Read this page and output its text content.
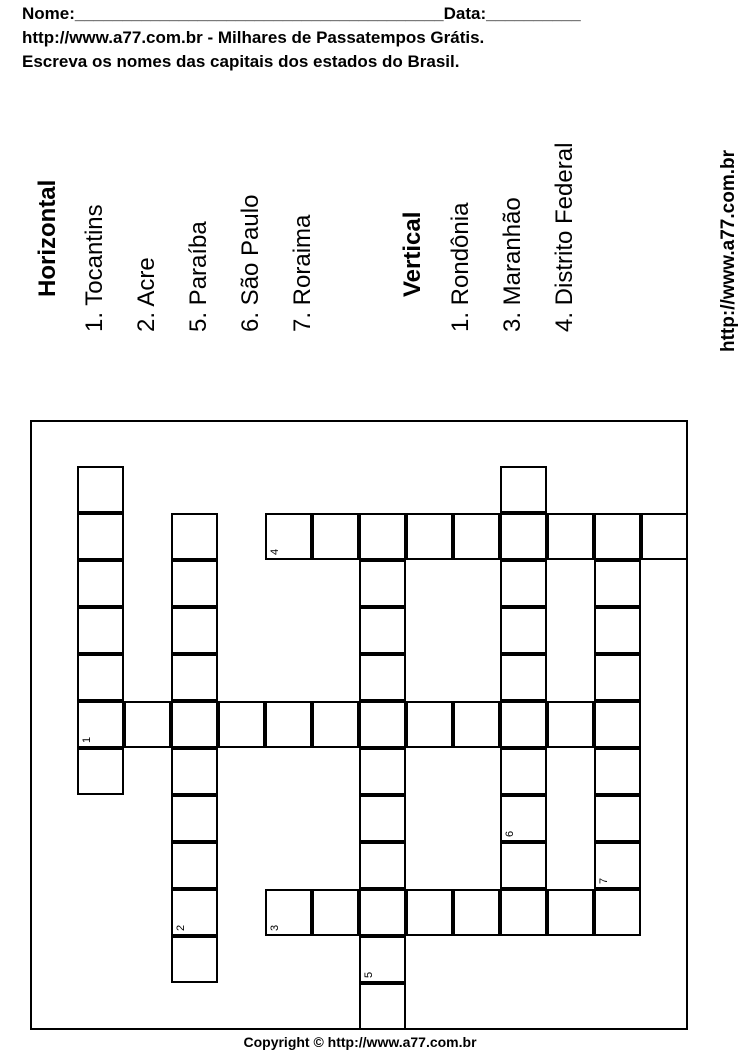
Nome:_______________________________________Data:__________
http://www.a77.com.br - Milhares de Passatempos Grátis.
Escreva os nomes das capitais dos estados do Brasil.
Horizontal 1. Tocantins 2. Acre 5. Paraíba 6. São Paulo 7. Roraima	Vertical 1. Rondônia 3. Maranhão 4. Distrito Federal
1
2	3
4
5
6
7
http://www.a77.com.br
Copyright © http://www.a77.com.br
